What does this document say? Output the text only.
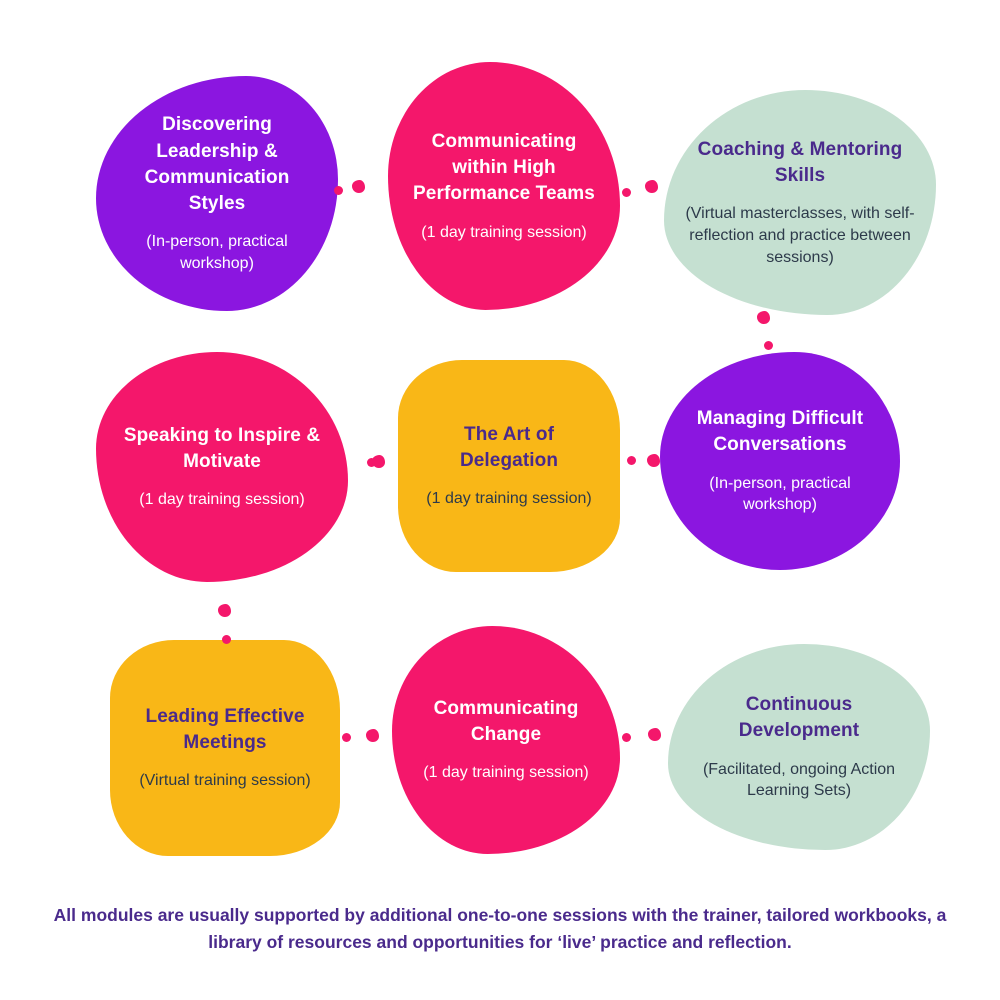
Discovering Leadership & Communication Styles
(In-person, practical workshop)
Communicating within High Performance Teams
(1 day training session)
Coaching & Mentoring Skills
(Virtual masterclasses, with self-reflection and practice between sessions)
Speaking to Inspire & Motivate
(1 day training session)
The Art of Delegation
(1 day training session)
Managing Difficult Conversations
(In-person, practical workshop)
Leading Effective Meetings
(Virtual training session)
Communicating Change
(1 day training session)
Continuous Development
(Facilitated, ongoing Action Learning Sets)
All modules are usually supported by additional one-to-one sessions with the trainer, tailored workbooks, a library of resources and opportunities for ‘live’ practice and reflection.
